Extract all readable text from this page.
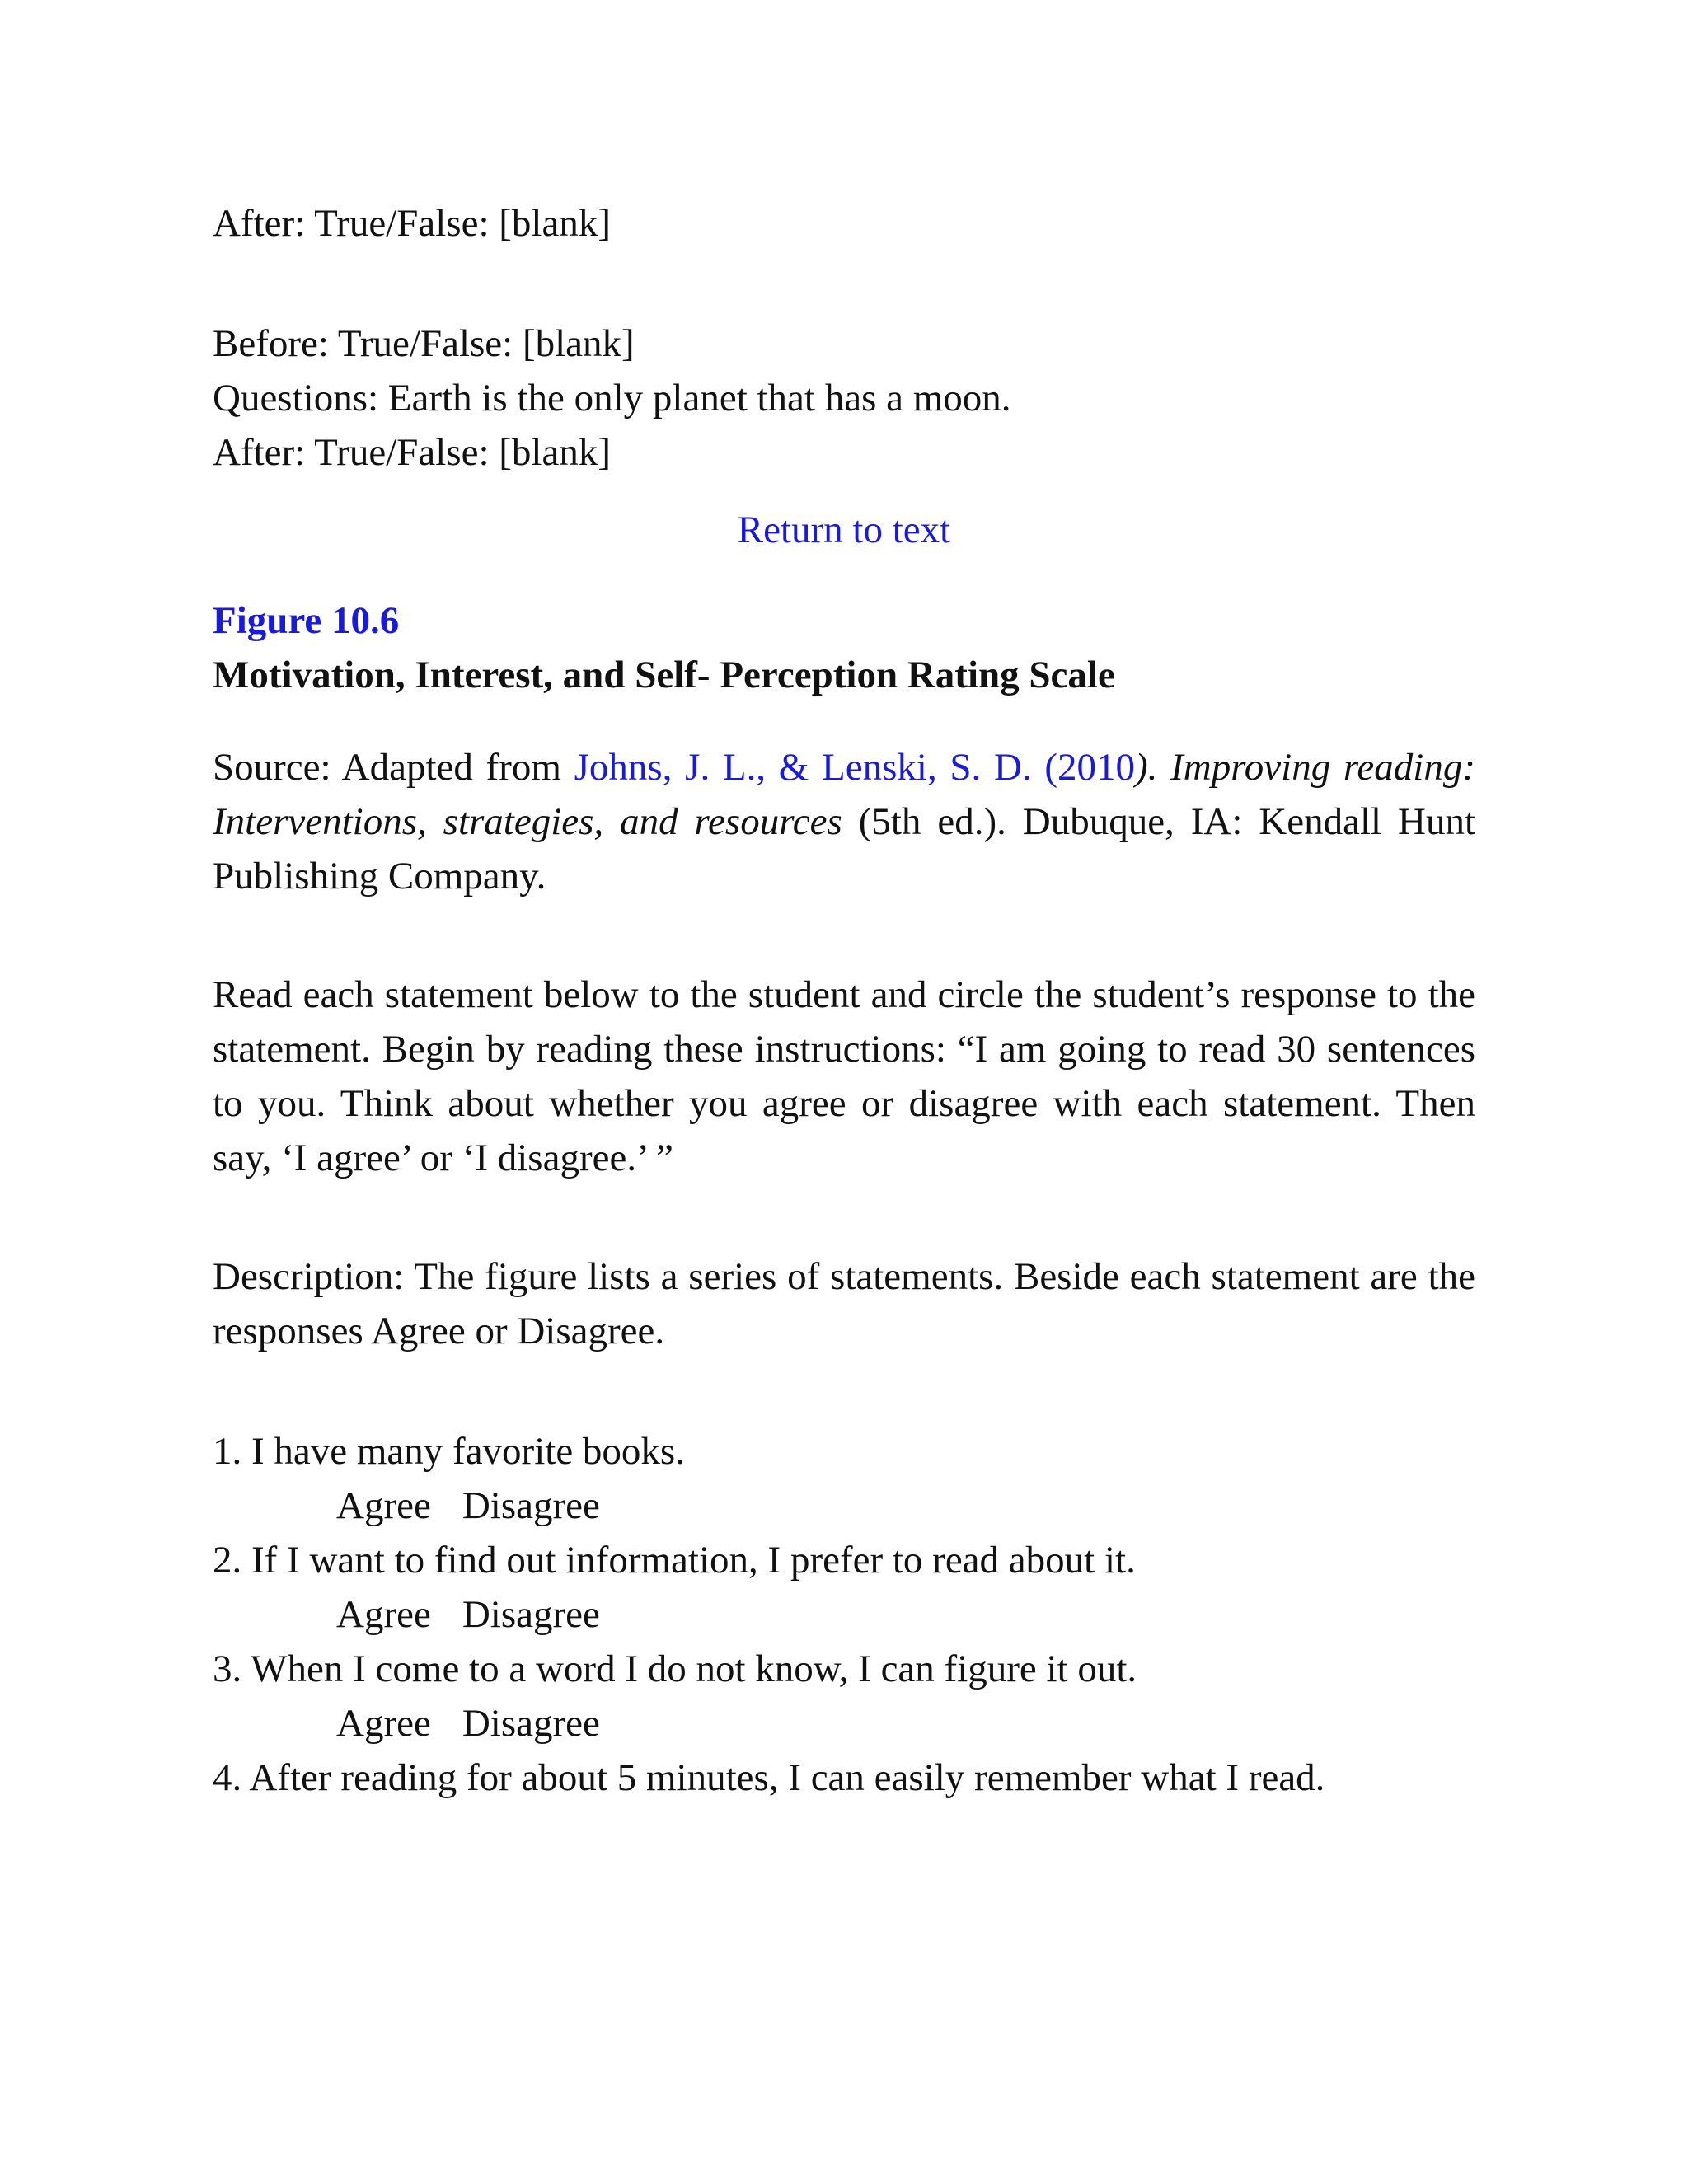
After: True/False: [blank]

Before: True/False: [blank]

Questions: Earth is the only planet that has a moon.

After: True/False: [blank]

Return to text

Figure 10.6

Motivation, Interest, and Self- Perception Rating Scale

Source: Adapted from Johns, J. L., & Lenski, S. D. (2010). Improving reading: Interventions, strategies, and resources (5th ed.). Dubuque, IA: Kendall Hunt Publishing Company.

Read each statement below to the student and circle the student’s response to the statement. Begin by reading these instructions: “I am going to read 30 sentences to you. Think about whether you agree or disagree with each statement. Then say, ‘I agree’ or ‘I disagree.’ ”

Description: The figure lists a series of statements. Beside each statement are the responses Agree or Disagree.

1. I have many favorite books.

Agree Disagree

2. If I want to find out information, I prefer to read about it.

Agree Disagree

3. When I come to a word I do not know, I can figure it out.

Agree Disagree

4. After reading for about 5 minutes, I can easily remember what I read.
